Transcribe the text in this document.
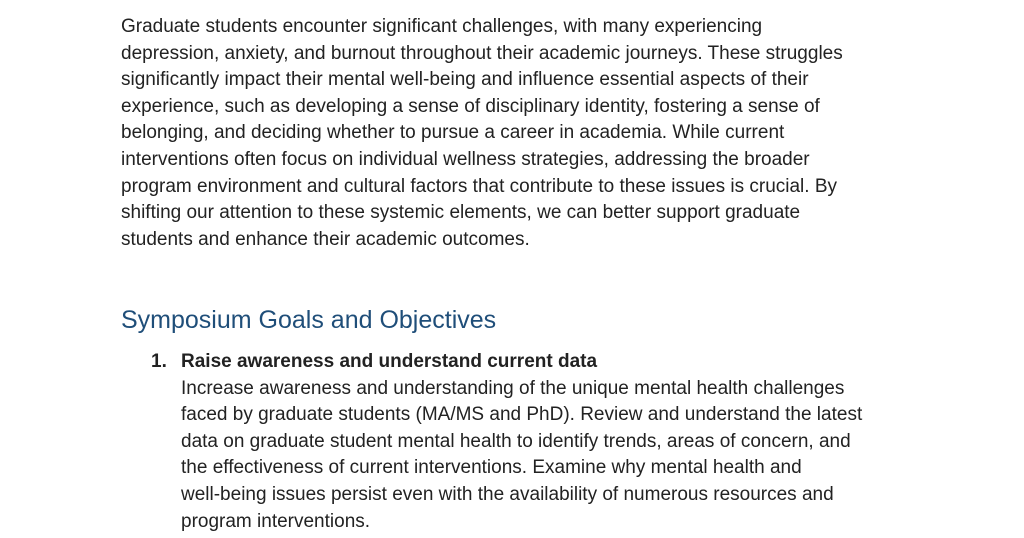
Graduate students encounter significant challenges, with many experiencing
depression, anxiety, and burnout throughout their academic journeys. These struggles
significantly impact their mental well-being and influence essential aspects of their
experience, such as developing a sense of disciplinary identity, fostering a sense of
belonging, and deciding whether to pursue a career in academia. While current
interventions often focus on individual wellness strategies, addressing the broader
program environment and cultural factors that contribute to these issues is crucial. By
shifting our attention to these systemic elements, we can better support graduate
students and enhance their academic outcomes.

Symposium Goals and Objectives
1. Raise awareness and understand current data
Increase awareness and understanding of the unique mental health challenges
faced by graduate students (MA/MS and PhD). Review and understand the latest
data on graduate student mental health to identify trends, areas of concern, and
the effectiveness of current interventions. Examine why mental health and
well-being issues persist even with the availability of numerous resources and
program interventions.
